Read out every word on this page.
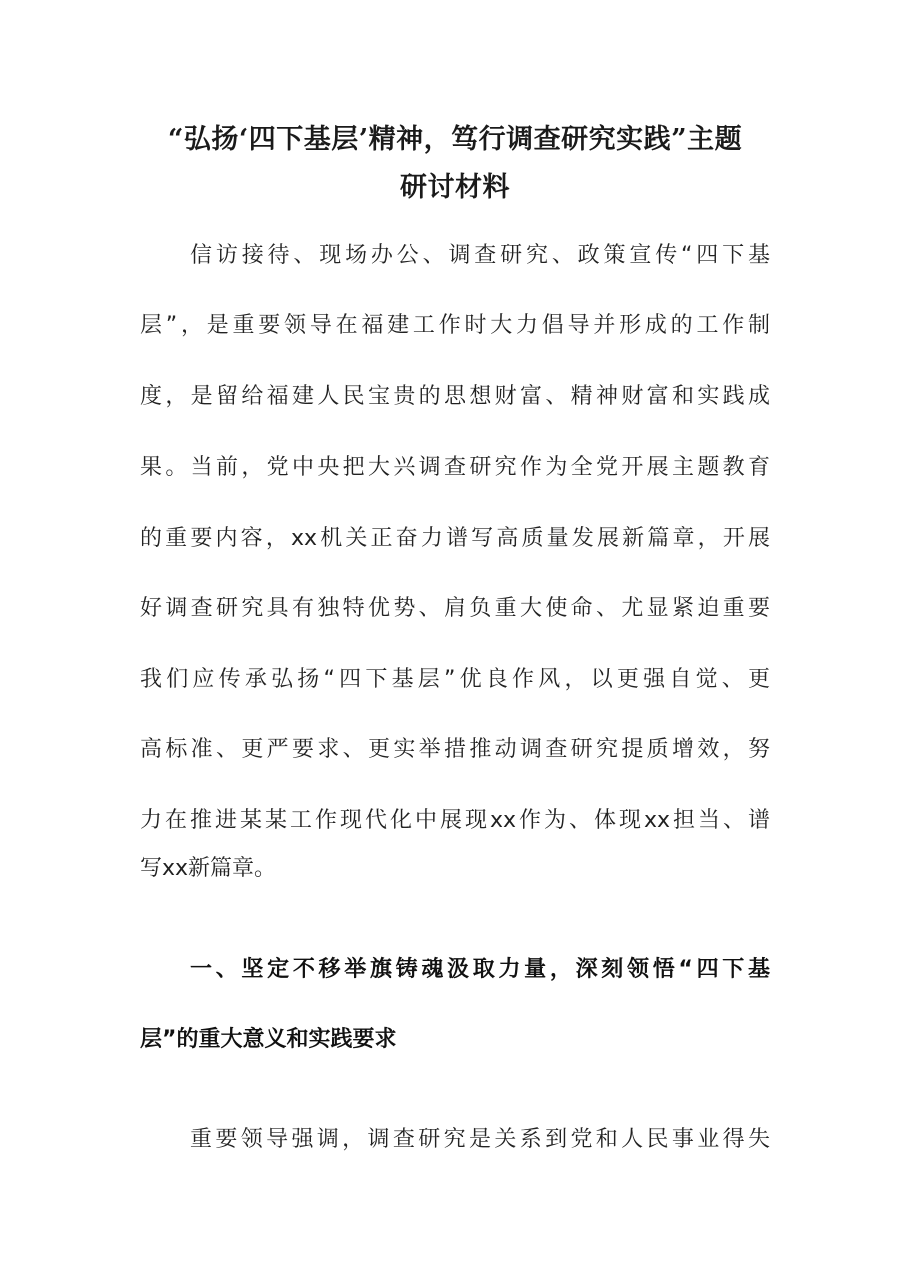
“弘扬‘四下基层’精神，笃行调查研究实践”主题
研讨材料
信访接待、现场办公、调查研究、政策宣传“四下基
层”，是重要领导在福建工作时大力倡导并形成的工作制
度，是留给福建人民宝贵的思想财富、精神财富和实践成
果。当前，党中央把大兴调查研究作为全党开展主题教育
的重要内容，xx机关正奋力谱写高质量发展新篇章，开展
好调查研究具有独特优势、肩负重大使命、尤显紧迫重要
我们应传承弘扬“四下基层”优良作风，以更强自觉、更
高标准、更严要求、更实举措推动调查研究提质增效，努
力在推进某某工作现代化中展现xx作为、体现xx担当、谱
写xx新篇章。
一、坚定不移举旗铸魂汲取力量，深刻领悟“四下基
层”的重大意义和实践要求
重要领导强调，调查研究是关系到党和人民事业得失
